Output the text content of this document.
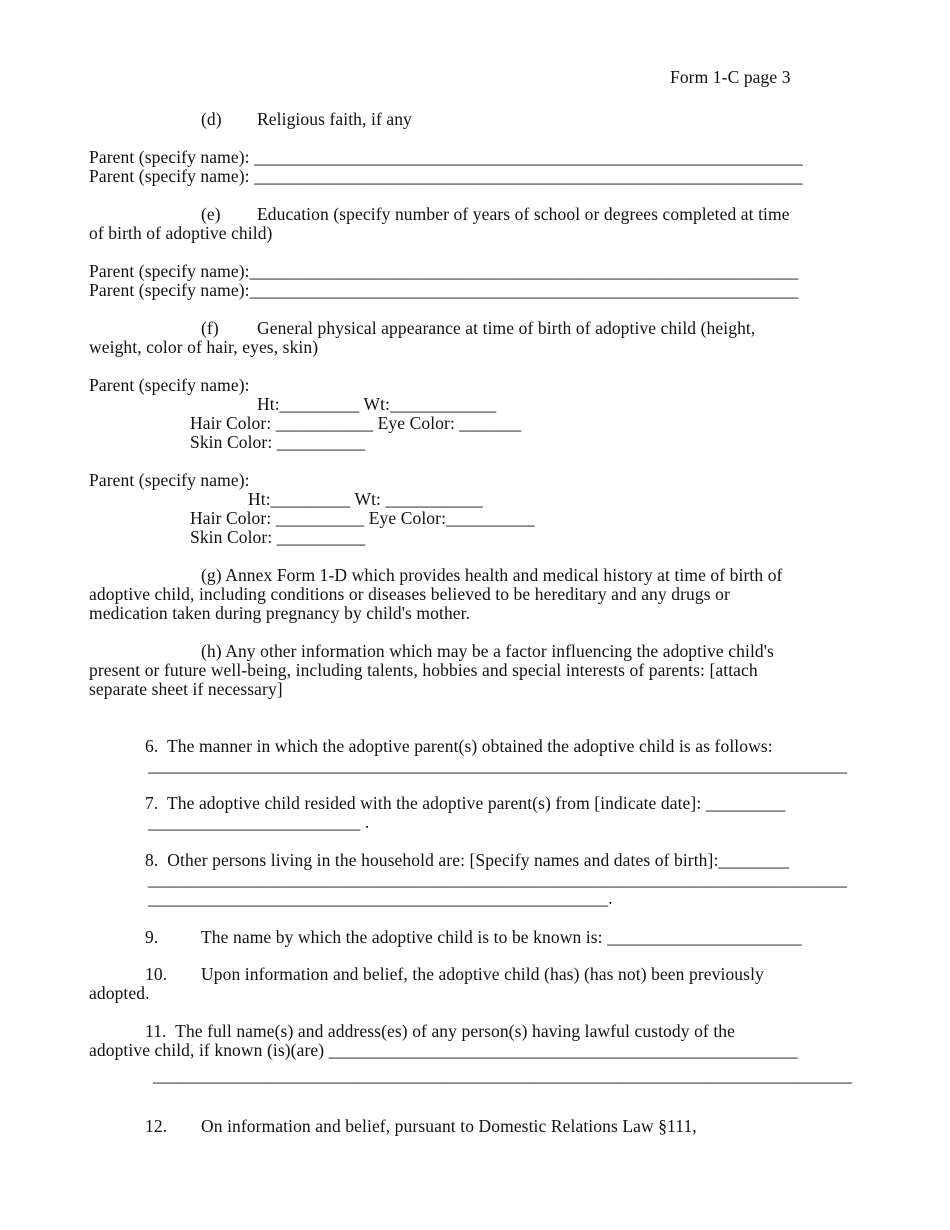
Form 1-C page 3
(d) Religious faith, if any
Parent (specify name): ______________________________________________________________
Parent (specify name): ______________________________________________________________
(e) Education (specify number of years of school or degrees completed at time
of birth of adoptive child)
Parent (specify name):______________________________________________________________
Parent (specify name):______________________________________________________________
(f) General physical appearance at time of birth of adoptive child (height,
weight, color of hair, eyes, skin)
Parent (specify name):
Ht:_________ Wt:____________
Hair Color: ___________ Eye Color: _______
Skin Color: __________
Parent (specify name):
Ht:_________ Wt: ___________
Hair Color: __________ Eye Color:__________
Skin Color: __________
(g) Annex Form 1-D which provides health and medical history at time of birth of
adoptive child, including conditions or diseases believed to be hereditary and any drugs or
medication taken during pregnancy by child's mother.
(h) Any other information which may be a factor influencing the adoptive child's
present or future well-being, including talents, hobbies and special interests of parents: [attach
separate sheet if necessary]
6.  The manner in which the adoptive parent(s) obtained the adoptive child is as follows:
_______________________________________________________________________________
7.  The adoptive child resided with the adoptive parent(s) from [indicate date]: _________
________________________ .
8.  Other persons living in the household are: [Specify names and dates of birth]:________
_______________________________________________________________________________
____________________________________________________.
9. The name by which the adoptive child is to be known is: ______________________
10. Upon information and belief, the adoptive child (has) (has not) been previously
adopted.
11.  The full name(s) and address(es) of any person(s) having lawful custody of the
adoptive child, if known (is)(are) _____________________________________________________
_______________________________________________________________________________
12. On information and belief, pursuant to Domestic Relations Law §111,
